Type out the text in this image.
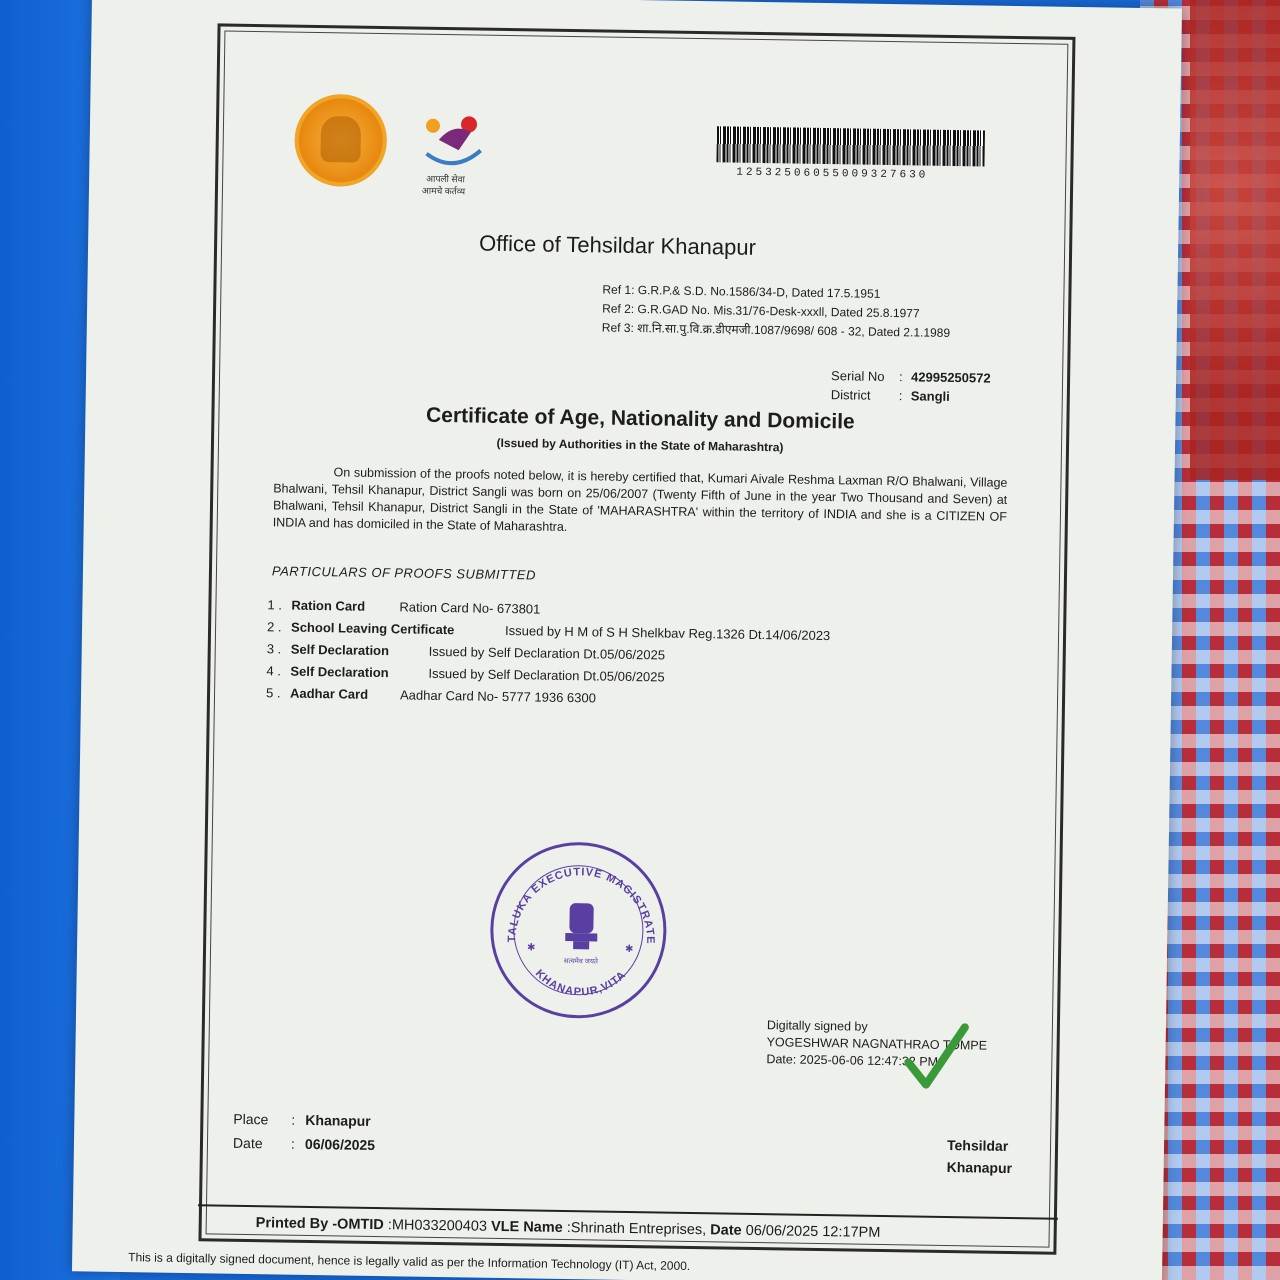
आपली सेवा
आमचे कर्तव्य
12532506055009327630
Office of Tehsildar Khanapur
Ref 1: G.R.P.& S.D. No.1586/34-D, Dated 17.5.1951
Ref 2: G.R.GAD No. Mis.31/76-Desk-xxxll, Dated 25.8.1977
Ref 3: शा.नि.सा.पु.वि.क्र.डीएमजी.1087/9698/ 608 - 32, Dated 2.1.1989
Serial No : 42995250572
District : Sangli
Certificate of Age, Nationality and Domicile
(Issued by Authorities in the State of Maharashtra)
On submission of the proofs noted below, it is hereby certified that, Kumari Aivale Reshma Laxman R/O Bhalwani, Village Bhalwani, Tehsil Khanapur, District Sangli was born on 25/06/2007 (Twenty Fifth of June in the year Two Thousand and Seven) at Bhalwani, Tehsil Khanapur, District Sangli in the State of 'MAHARASHTRA' within the territory of INDIA and she is a CITIZEN OF INDIA and has domiciled in the State of Maharashtra.
PARTICULARS OF PROOFS SUBMITTED
1 . Ration Card	Ration Card No- 673801
2 . School Leaving Certificate	Issued by H M of S H Shelkbav Reg.1326 Dt.14/06/2023
3 . Self Declaration	Issued by Self Declaration Dt.05/06/2025
4 . Self Declaration	Issued by Self Declaration Dt.05/06/2025
5 . Aadhar Card Aadhar Card No- 5777 1936 6300
TALUKA EXECUTIVE MAGISTRATE
KHANAPUR,VITA
सत्यमेव जयते
✱	✱
Digitally signed by
YOGESHWAR NAGNATHRAO TOMPE
Date: 2025-06-06 12:47:32 PM
Place : Khanapur
Date : 06/06/2025	Tehsildar
Khanapur
Printed By -OMTID :MH033200403 VLE Name :Shrinath Entreprises, Date 06/06/2025 12:17PM
This is a digitally signed document, hence is legally valid as per the Information Technology (IT) Act, 2000.
